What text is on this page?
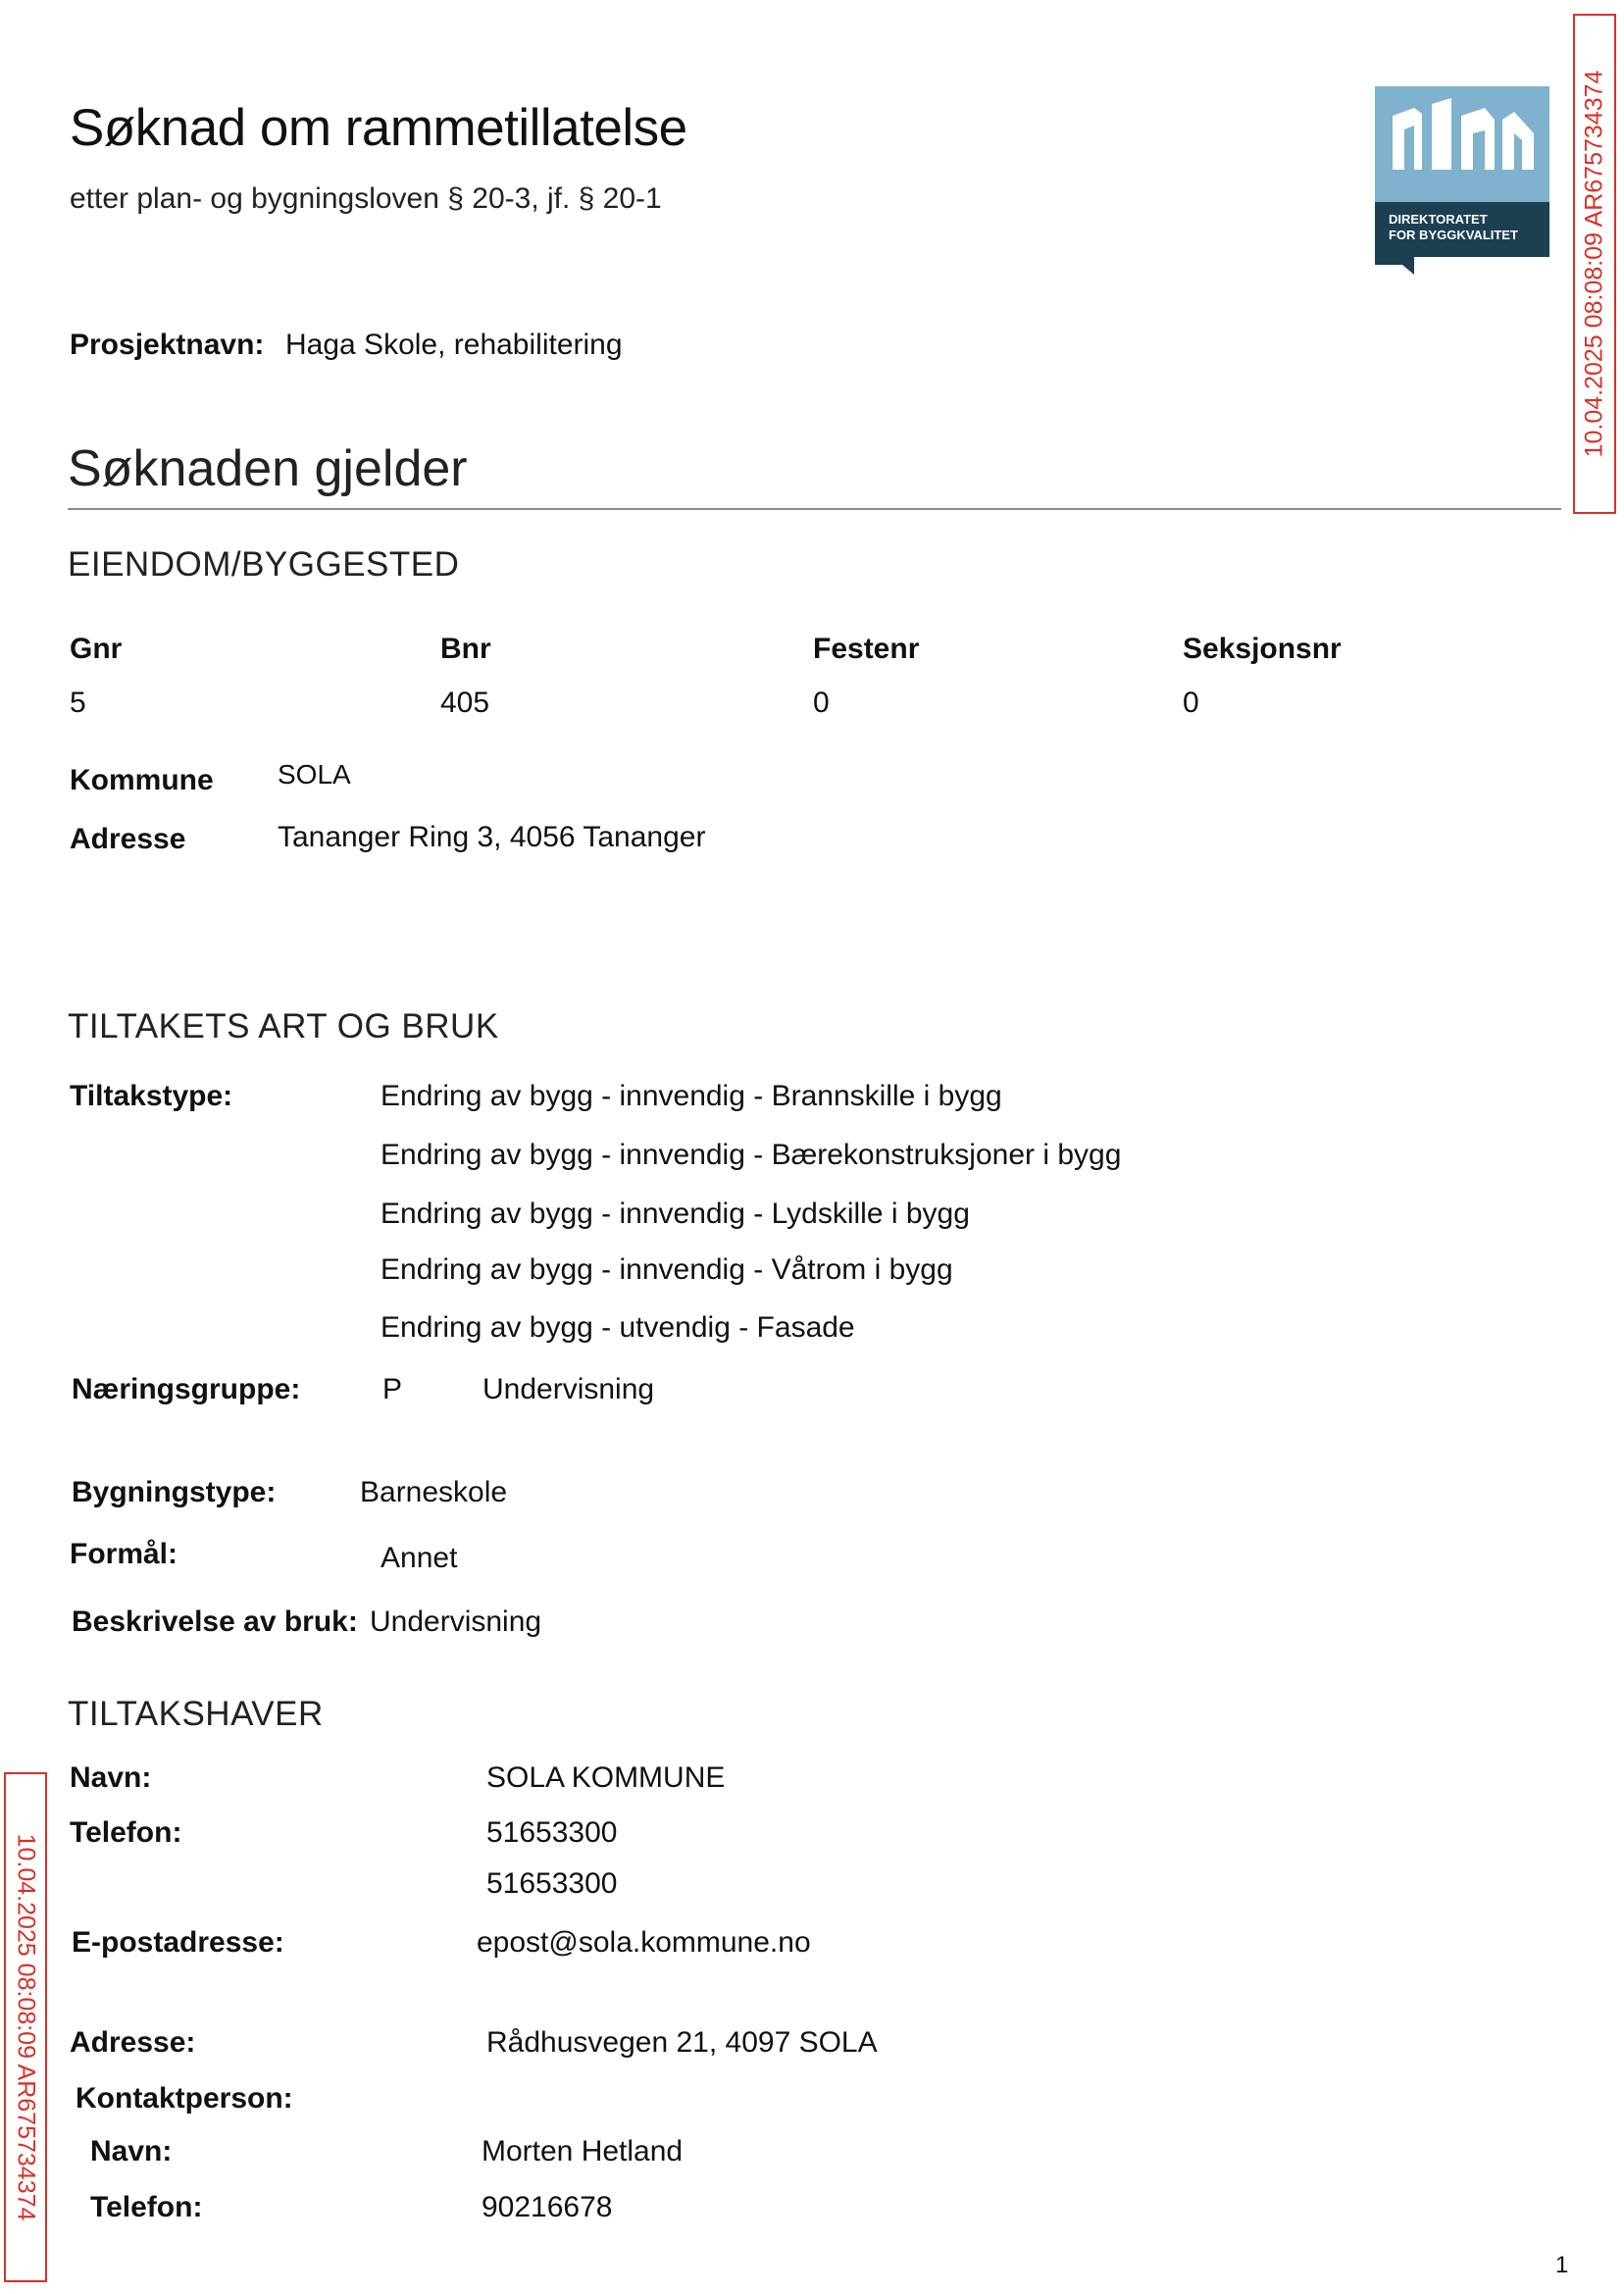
Søknad om rammetillatelse
etter plan- og bygningsloven § 20-3, jf. § 20-1
DIREKTORATET
FOR BYGGKVALITET	10.04.2025 08:08:09 AR675734374
10.04.2025 08:08:09 AR675734374
Prosjektnavn: Haga Skole, rehabilitering
Søknaden gjelder
EIENDOM/BYGGESTED
Gnr	Bnr	Festenr	Seksjonsnr
5	405	0	0
Kommune SOLA
Adresse	Tananger Ring 3, 4056 Tananger
TILTAKETS ART OG BRUK
Tiltakstype:	Endring av bygg - innvendig - Brannskille i bygg
Endring av bygg - innvendig - Bærekonstruksjoner i bygg
Endring av bygg - innvendig - Lydskille i bygg
Endring av bygg - innvendig - Våtrom i bygg
Endring av bygg - utvendig - Fasade
Næringsgruppe:	P	Undervisning
Bygningstype:	Barneskole
Formål:	Annet
Beskrivelse av bruk: Undervisning
TILTAKSHAVER
Navn:	SOLA KOMMUNE
Telefon:	51653300
51653300
E-postadresse:	epost@sola.kommune.no
Adresse:	Rådhusvegen 21, 4097 SOLA
Kontaktperson:
Navn:	Morten Hetland
Telefon:	90216678
1
